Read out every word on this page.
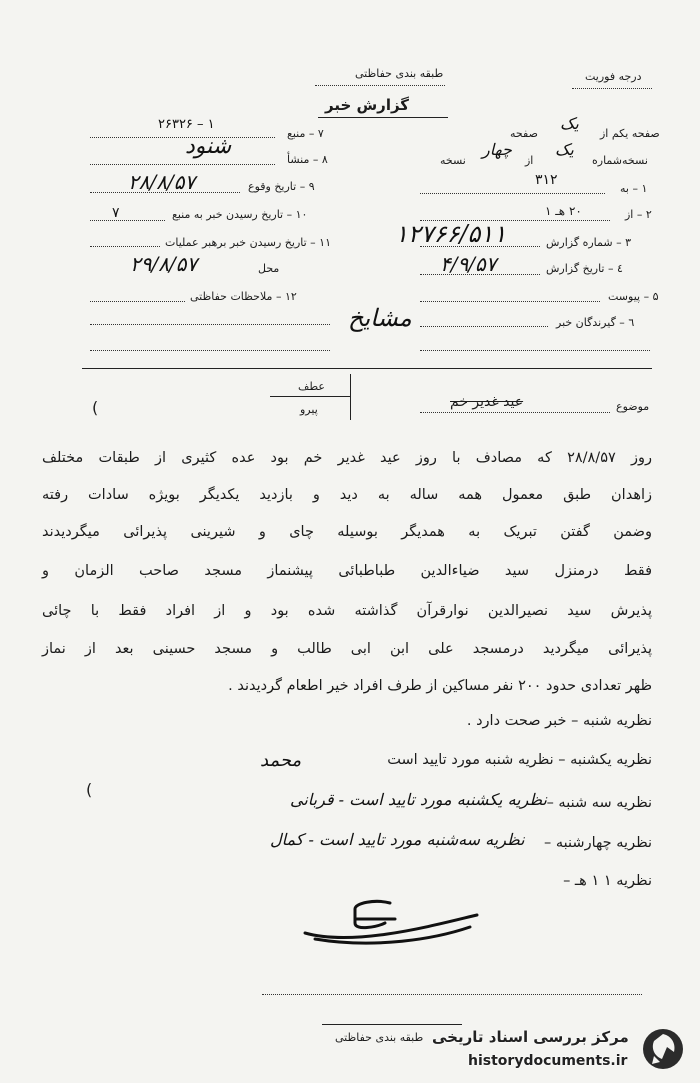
درجه فوریت
طبقه بندی حفاظتی
گزارش خبر
۷ – منبع
۲۶۳۲۶ – ۱
۸ – منشأ
شنود
۹ – تاریخ وقوع
۲۸/۸/۵۷
۱۰ – تاریخ رسیدن خبر به منبع
۷
۱۱ – تاریخ رسیدن خبر برهبر عملیات
۲۹/۸/۵۷	محل
۱۲ – ملاحظات حفاظتی
صفحه یکم از
یک
صفحه
نسخه‌شماره
یک
از
چهار
نسخه
۱ – به
۳۱۲
۲ – از
۲۰ هـ ۱
۳ – شماره گزارش
۱۲۷۶۶/۵۱۱
٤ – تاریخ گزارش
۴/۹/۵۷
۵ – پیوست
٦ – گیرندگان خبر
مشایخ
عطف
پیرو	موضوع
عید غدیر خم
روز ۲۸/۸/۵۷ که مصادف با روز عید غدیر خم بود عده کثیری از طبقات مختلف
زاهدان طبق معمول همه ساله به دید و بازدید یکدیگر بویژه سادات رفته
وضمن گفتن تبریک به همدیگر بوسیله چای و شیرینی پذیرائی میگردیدند
فقط درمنزل سید ضیاءالدین طباطبائی پیشنماز مسجد صاحب الزمان و
پذیرش سید نصیرالدین نوارقرآن گذاشته شده بود و از افراد فقط با چائی
پذیرائی میگردید درمسجد علی ابن ابی طالب و مسجد حسینی بعد از نماز
ظهر تعدادی حدود ۲۰۰ نفر مساکین از طرف افراد خیر اطعام گردیدند .
نظریه شنبه – خبر صحت دارد .
نظریه یکشنبه – نظریه شنبه مورد تایید است
محمد
نظریه سه شنبه –
نظریه یکشنبه مورد تایید است - قربانی
نظریه چهارشنبه –
نظریه سه‌شنبه مورد تایید است - کمال
نظریه ۱ ۱ هـ –
(
(
طبقه بندی حفاظتی مرکز بررسی اسناد تاریخی
historydocuments.ir
